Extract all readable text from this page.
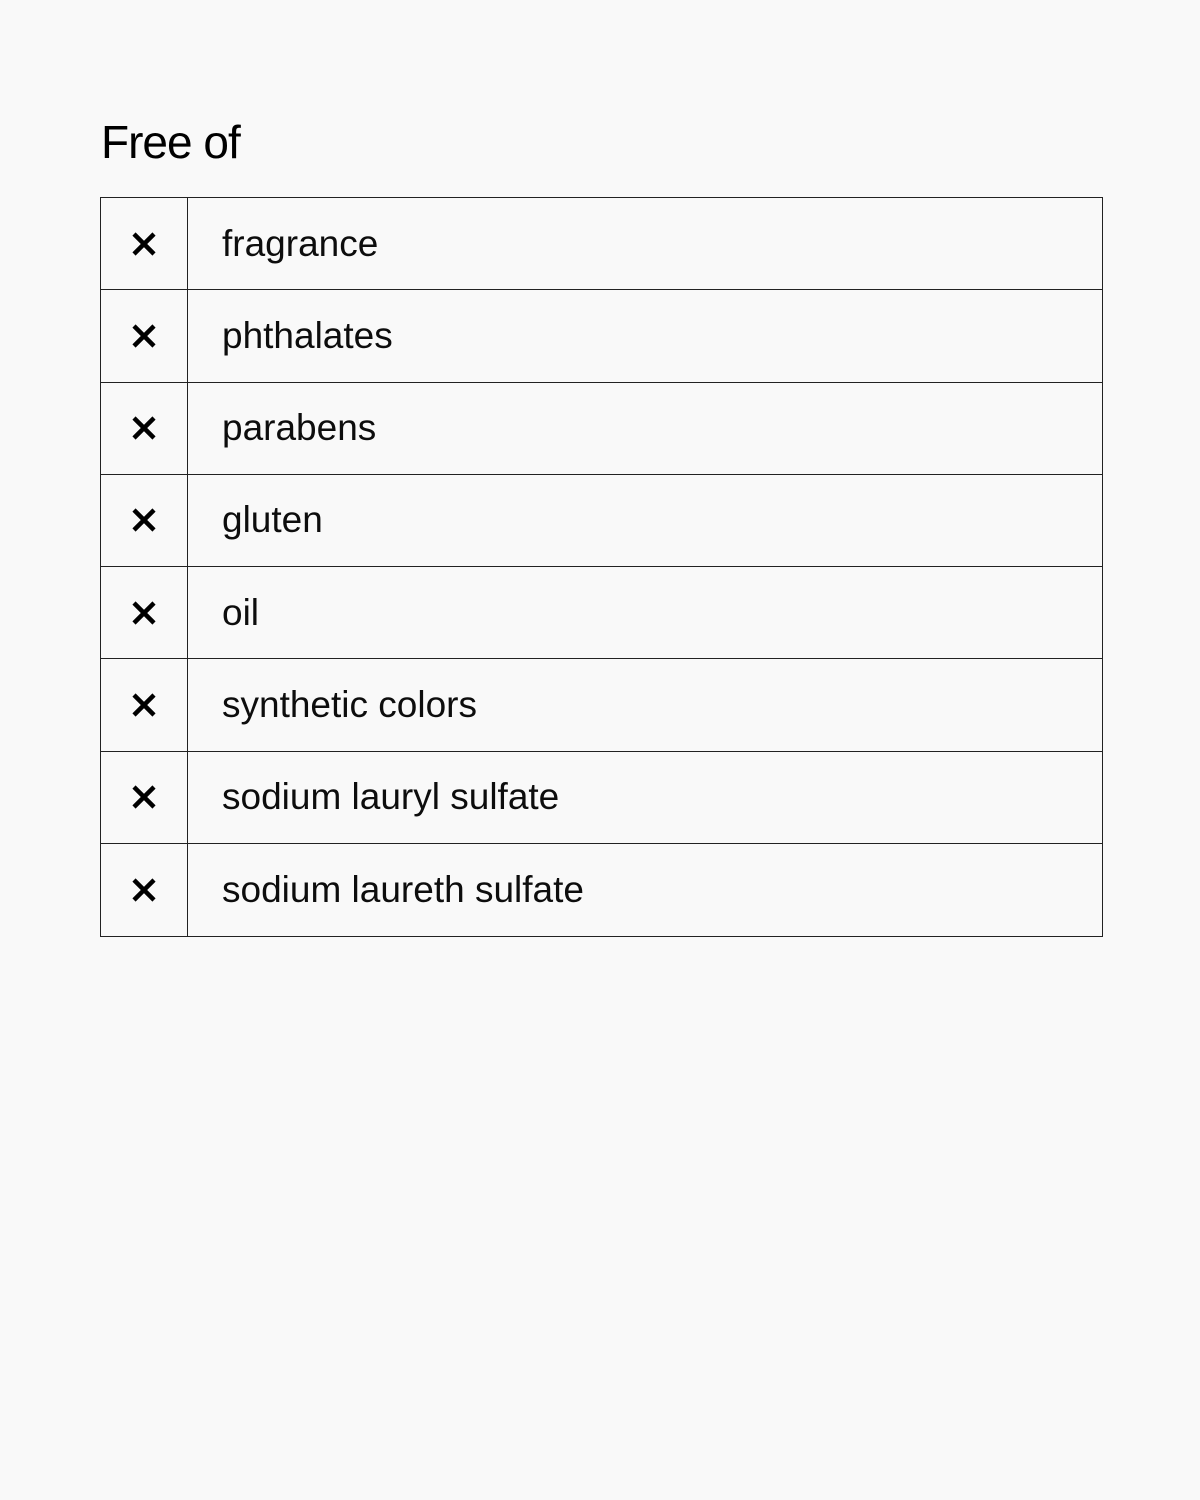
Free of
fragrance
phthalates
parabens
gluten
oil
synthetic colors
sodium lauryl sulfate
sodium laureth sulfate
